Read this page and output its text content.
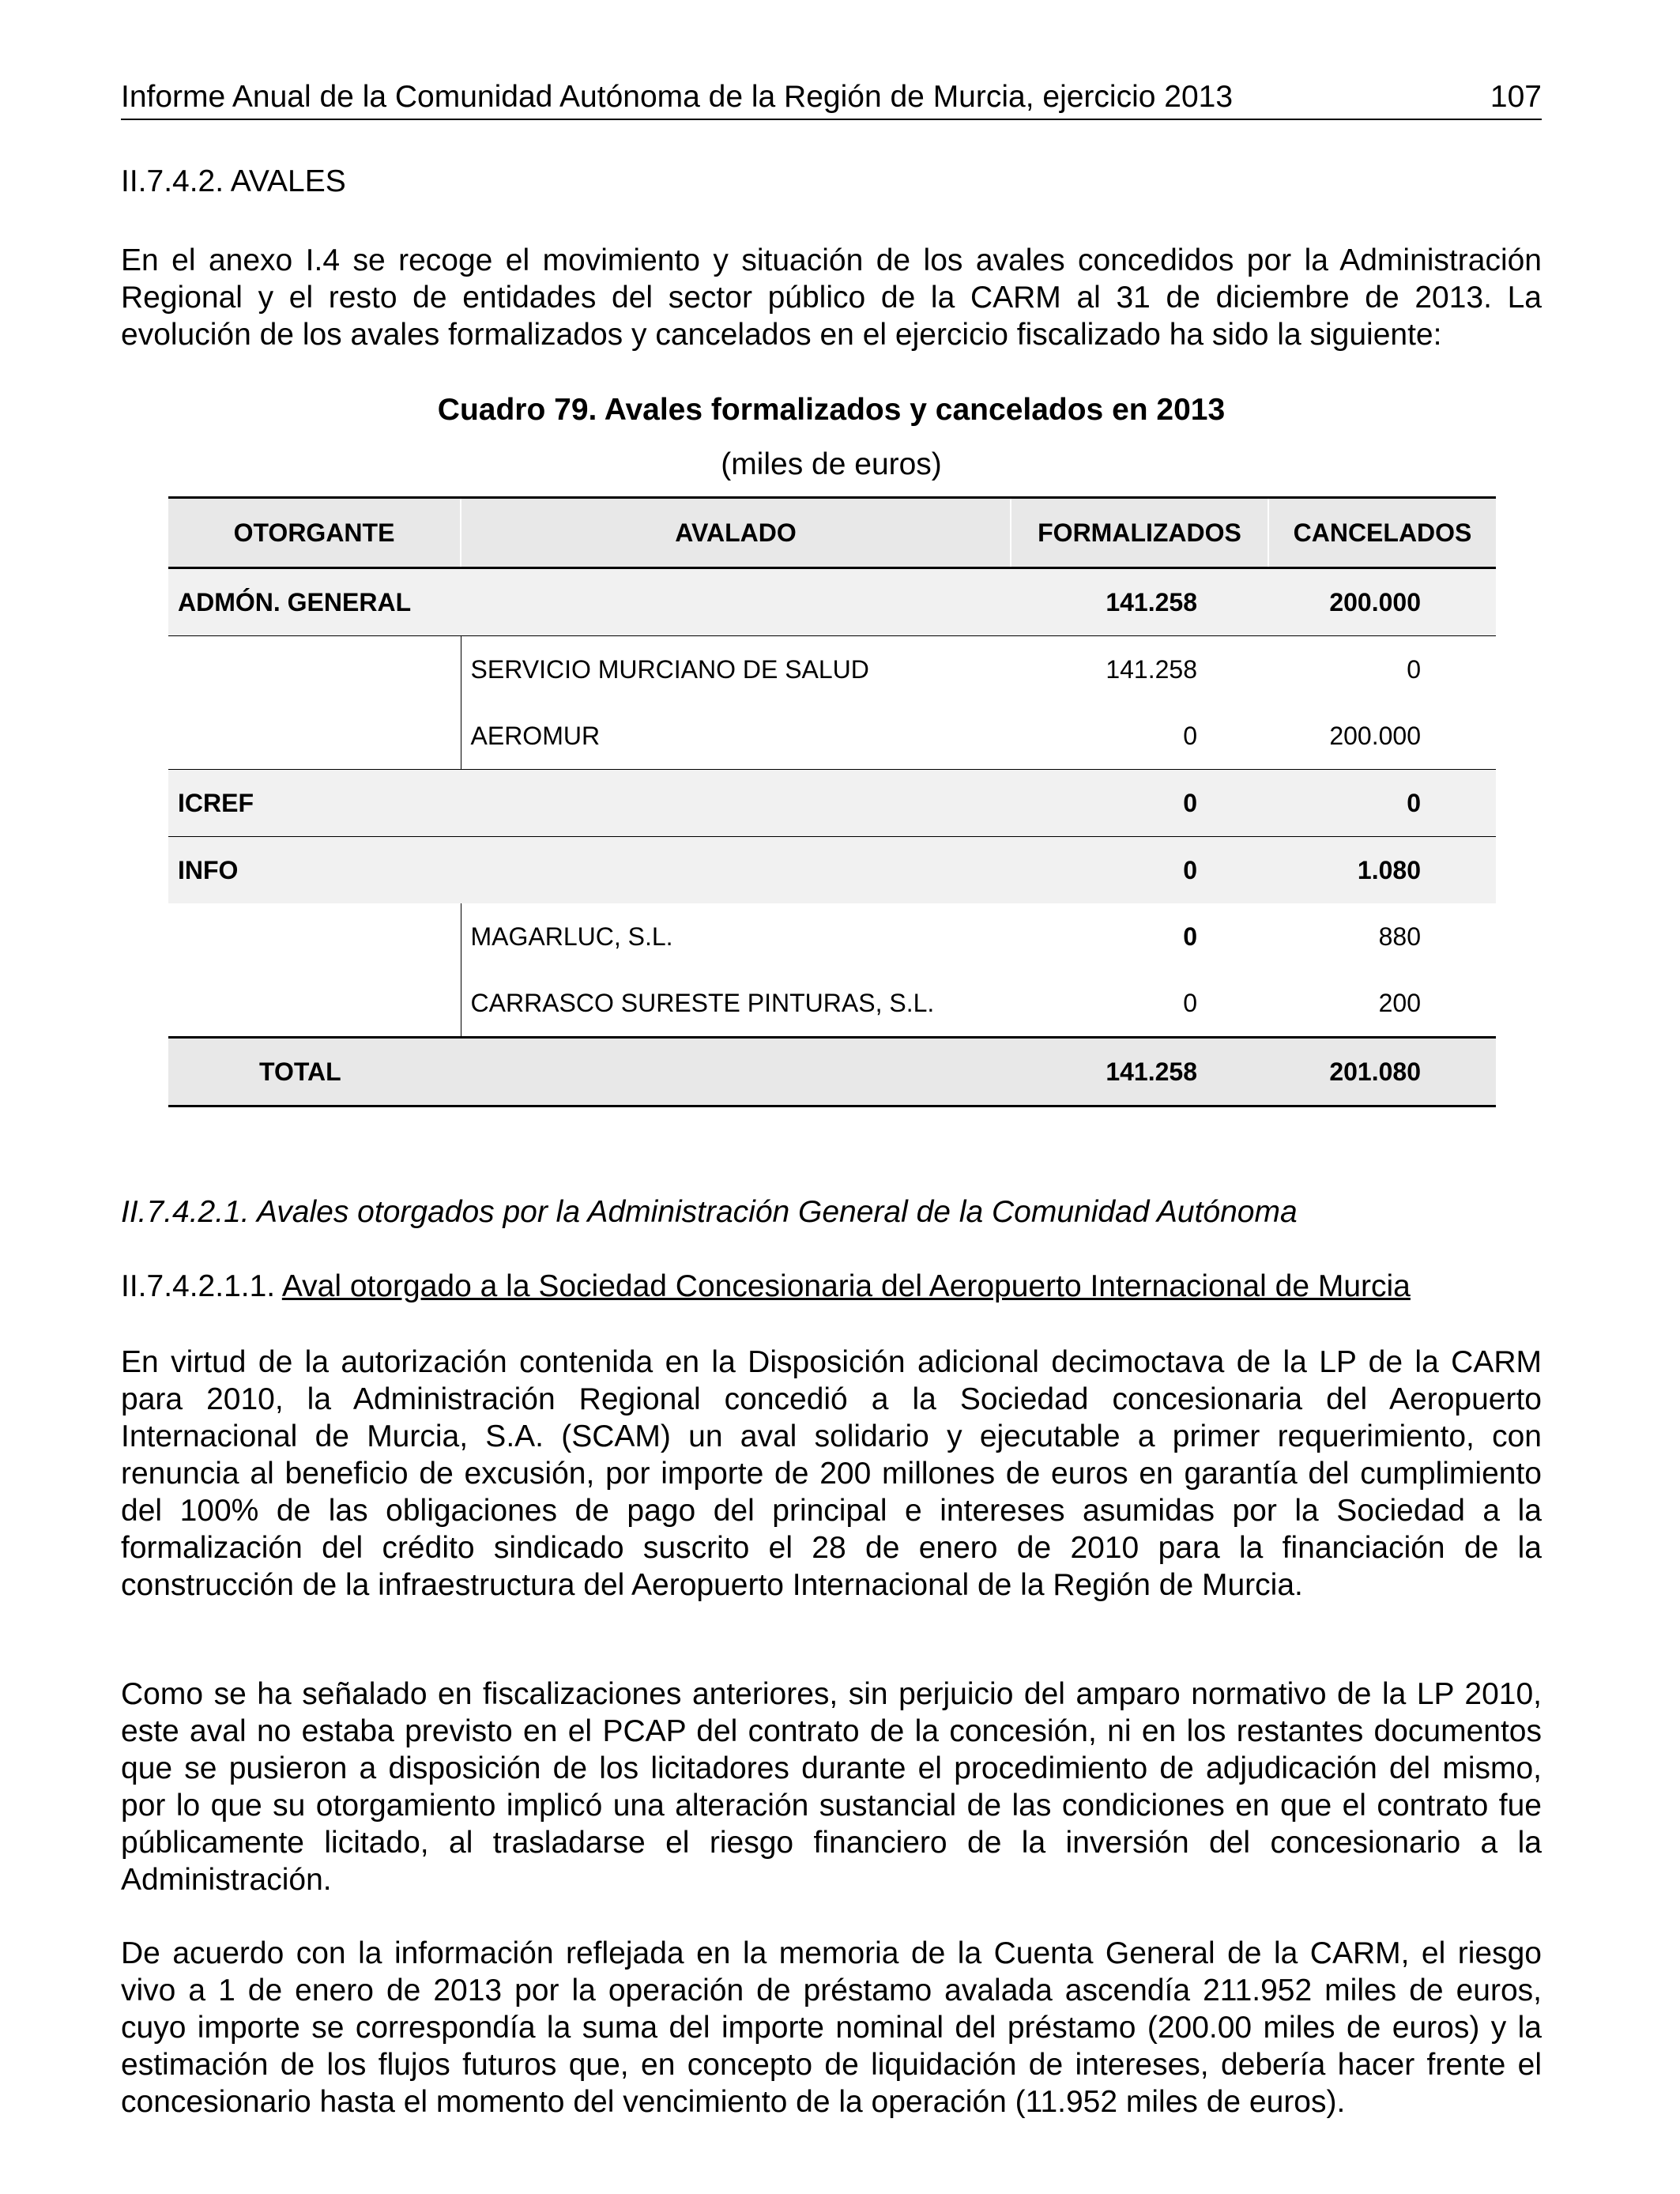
Informe Anual de la Comunidad Autónoma de la Región de Murcia, ejercicio 2013	107
II.7.4.2. AVALES
En el anexo I.4 se recoge el movimiento y situación de los avales concedidos por la Administración Regional y el resto de entidades del sector público de la CARM al 31 de diciembre de 2013. La evolución de los avales formalizados y cancelados en el ejercicio fiscalizado ha sido la siguiente:
Cuadro 79. Avales formalizados y cancelados en 2013
(miles de euros)
OTORGANTE	AVALADO	FORMALIZADOS	CANCELADOS
ADMÓN. GENERAL		141.258	200.000
	SERVICIO MURCIANO DE SALUD	141.258	0
	AEROMUR	0	200.000
ICREF		0	0
INFO		0	1.080
	MAGARLUC, S.L.	0	880
	CARRASCO SURESTE PINTURAS, S.L.	0	200
TOTAL		141.258	201.080
II.7.4.2.1. Avales otorgados por la Administración General de la Comunidad Autónoma
II.7.4.2.1.1. Aval otorgado a la Sociedad Concesionaria del Aeropuerto Internacional de Murcia
En virtud de la autorización contenida en la Disposición adicional decimoctava de la LP de la CARM para 2010, la Administración Regional concedió a la Sociedad concesionaria del Aeropuerto Internacional de Murcia, S.A. (SCAM) un aval solidario y ejecutable a primer requerimiento, con renuncia al beneficio de excusión, por importe de 200 millones de euros en garantía del cumplimiento del 100% de las obligaciones de pago del principal e intereses asumidas por la Sociedad a la formalización del crédito sindicado suscrito el 28 de enero de 2010 para la financiación de la construcción de la infraestructura del Aeropuerto Internacional de la Región de Murcia.
Como se ha señalado en fiscalizaciones anteriores, sin perjuicio del amparo normativo de la LP 2010, este aval no estaba previsto en el PCAP del contrato de la concesión, ni en los restantes documentos que se pusieron a disposición de los licitadores durante el procedimiento de adjudicación del mismo, por lo que su otorgamiento implicó una alteración sustancial de las condiciones en que el contrato fue públicamente licitado, al trasladarse el riesgo financiero de la inversión del concesionario a la Administración.
De acuerdo con la información reflejada en la memoria de la Cuenta General de la CARM, el riesgo vivo a 1 de enero de 2013 por la operación de préstamo avalada ascendía 211.952 miles de euros, cuyo importe se correspondía la suma del importe nominal del préstamo (200.00 miles de euros) y la estimación de los flujos futuros que, en concepto de liquidación de intereses, debería hacer frente el concesionario hasta el momento del vencimiento de la operación (11.952 miles de euros).
